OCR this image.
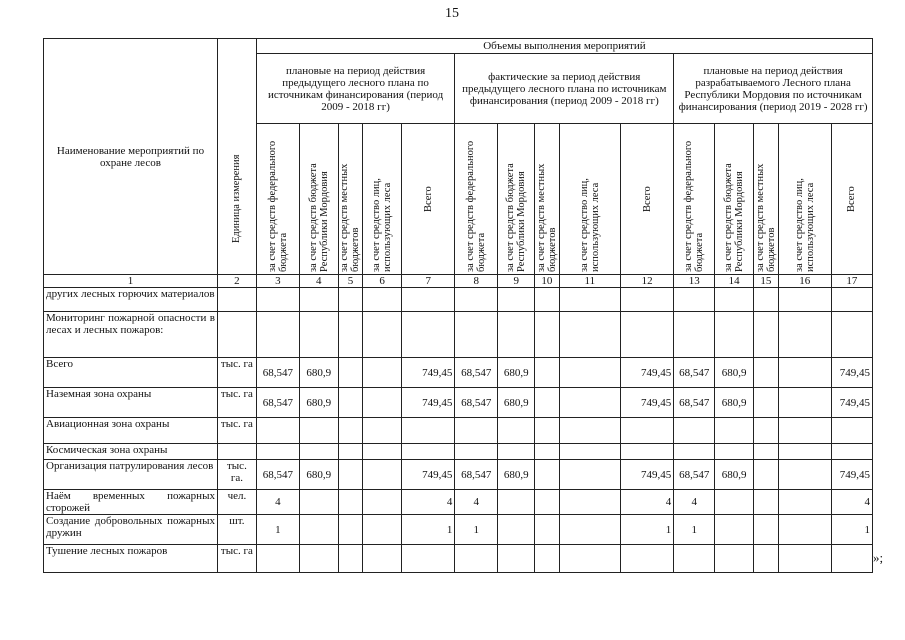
15
Наименование мероприятий по охране лесов	Единица измерения	Объемы выполнения мероприятий														
		плановые на период действия предыдущего лесного плана по источникам финансирования (период 2009 - 2018 гг)					фактические за период действия предыдущего лесного плана по источникам финансирования (период 2009 - 2018 гг)					плановые на период действия разрабатываемого Лесного плана Республики Мордовия по источникам финансирования (период 2019 - 2028 гг)				

		за счет средств федерального бюджета	за счет средств бюджета Республики Мордовия	за счет средств местных бюджетов	за счет средство лиц, использующих леса	Всего	за счет средств федерального бюджета	за счет средств бюджета Республики Мордовия	за счет средств местных бюджетов	за счет средство лиц, использующих леса	Всего	за счет средств федерального бюджета	за счет средств бюджета Республики Мордовия	за счет средств местных бюджетов	за счет средство лиц, использующих леса	Всего

1	2	3	4	5	6	7	8	9	10	11	12	13	14	15	16	17
других лесных горючих материалов																
Мониторинг пожарной опасности в лесах и лесных пожаров:																
Всего	тыс. га	68,547	680,9			749,45	68,547	680,9			749,45	68,547	680,9			749,45
Наземная зона охраны	тыс. га	68,547	680,9			749,45	68,547	680,9			749,45	68,547	680,9			749,45
Авиационная зона охраны	тыс. га															
Космическая зона охраны																
Организация патрулирования лесов	тыс. га.	68,547	680,9			749,45	68,547	680,9			749,45	68,547	680,9			749,45
Наём временных пожарных сторожей	чел.	4				4	4				4	4				4
Создание добровольных пожарных дружин	шт.	1				1	1				1	1				1
Тушение лесных пожаров	тыс. га																»;
